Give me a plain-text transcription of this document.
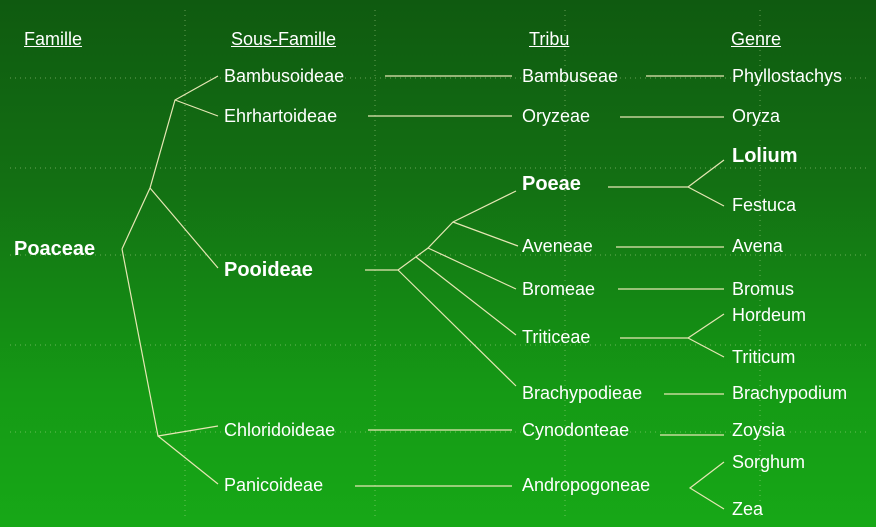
Famille	Sous-Famille	Tribu	Genre
Poaceae
Bambusoideae
Ehrhartoideae
Pooideae
Chloridoideae
Panicoideae
Bambuseae
Oryzeae
Poeae
Aveneae
Bromeae
Triticeae
Brachypodieae
Cynodonteae
Andropogoneae
Phyllostachys
Oryza
Lolium
Festuca
Avena
Bromus
Hordeum
Triticum
Brachypodium
Zoysia
Sorghum
Zea
